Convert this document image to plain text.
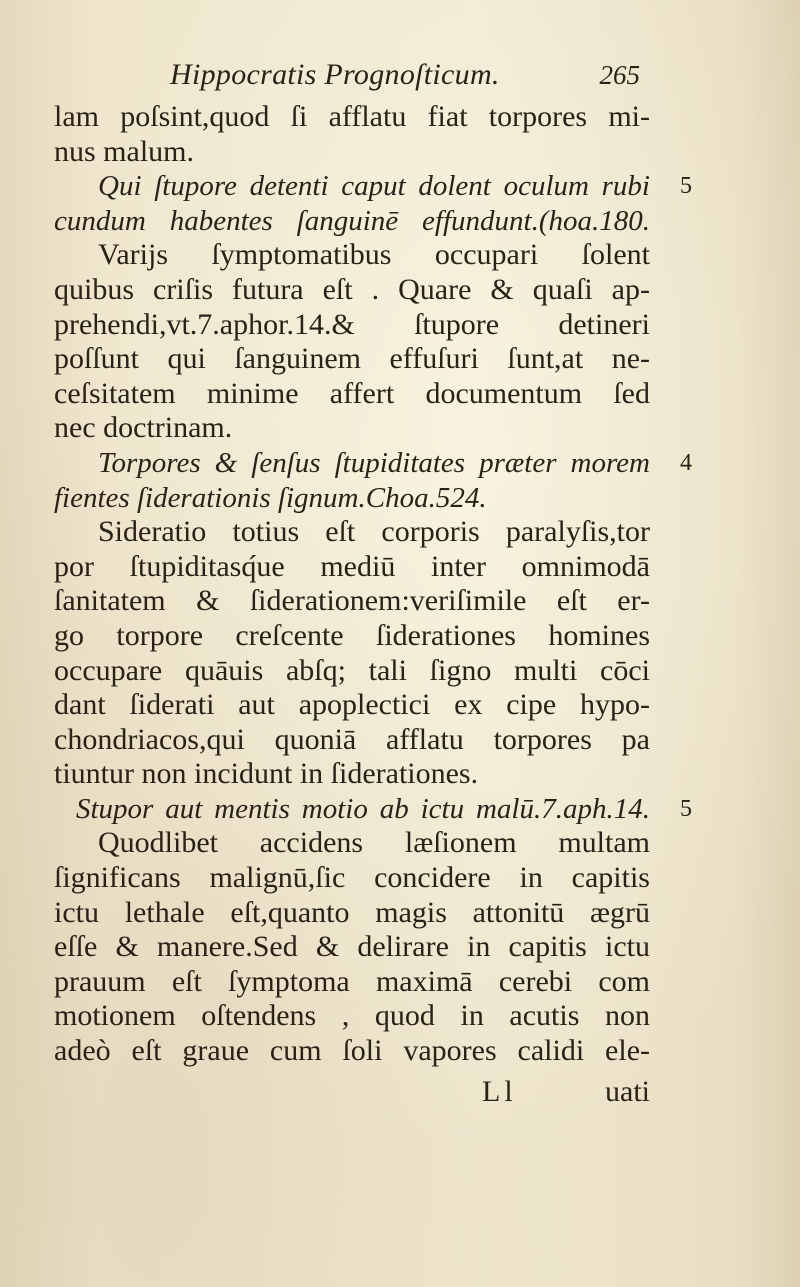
Hippocratis Prognoſticum.	265
lam poſsint,quod ſi afflatu fiat torpores mi-
nus malum.
Qui ſtupore detenti caput dolent oculum rubi
cundum habentes ſanguinē effundunt.(hoa.180.
Varijs ſymptomatibus occupari ſolent
quibus criſis futura eſt . Quare & quaſi ap-
prehendi,vt.7.aphor.14.& ſtupore detineri
poſſunt qui ſanguinem effuſuri ſunt,at ne-
ceſsitatem minime affert documentum ſed
nec doctrinam.
Torpores & ſenſus ſtupiditates præter morem
fientes ſiderationis ſignum.Choa.524.
Sideratio totius eſt corporis paralyſis,tor
por ſtupiditasq́ue mediū inter omnimodā
ſanitatem & ſiderationem:veriſimile eſt er-
go torpore creſcente ſiderationes homines
occupare quāuis abſq; tali ſigno multi cōci
dant ſiderati aut apoplectici ex cipe hypo-
chondriacos,qui quoniā afflatu torpores pa
tiuntur non incidunt in ſiderationes.
Stupor aut mentis motio ab ictu malū.7.aph.14.
Quodlibet accidens læſionem multam
ſignificans malignū,ſic concidere in capitis
ictu lethale eſt,quanto magis attonitū ægrū
eſſe & manere.Sed & delirare in capitis ictu
prauum eſt ſymptoma maximā cerebi com
motionem oſtendens , quod in acutis non
adeò eſt graue cum ſoli vapores calidi ele-
5
4
5
Ll	uati
